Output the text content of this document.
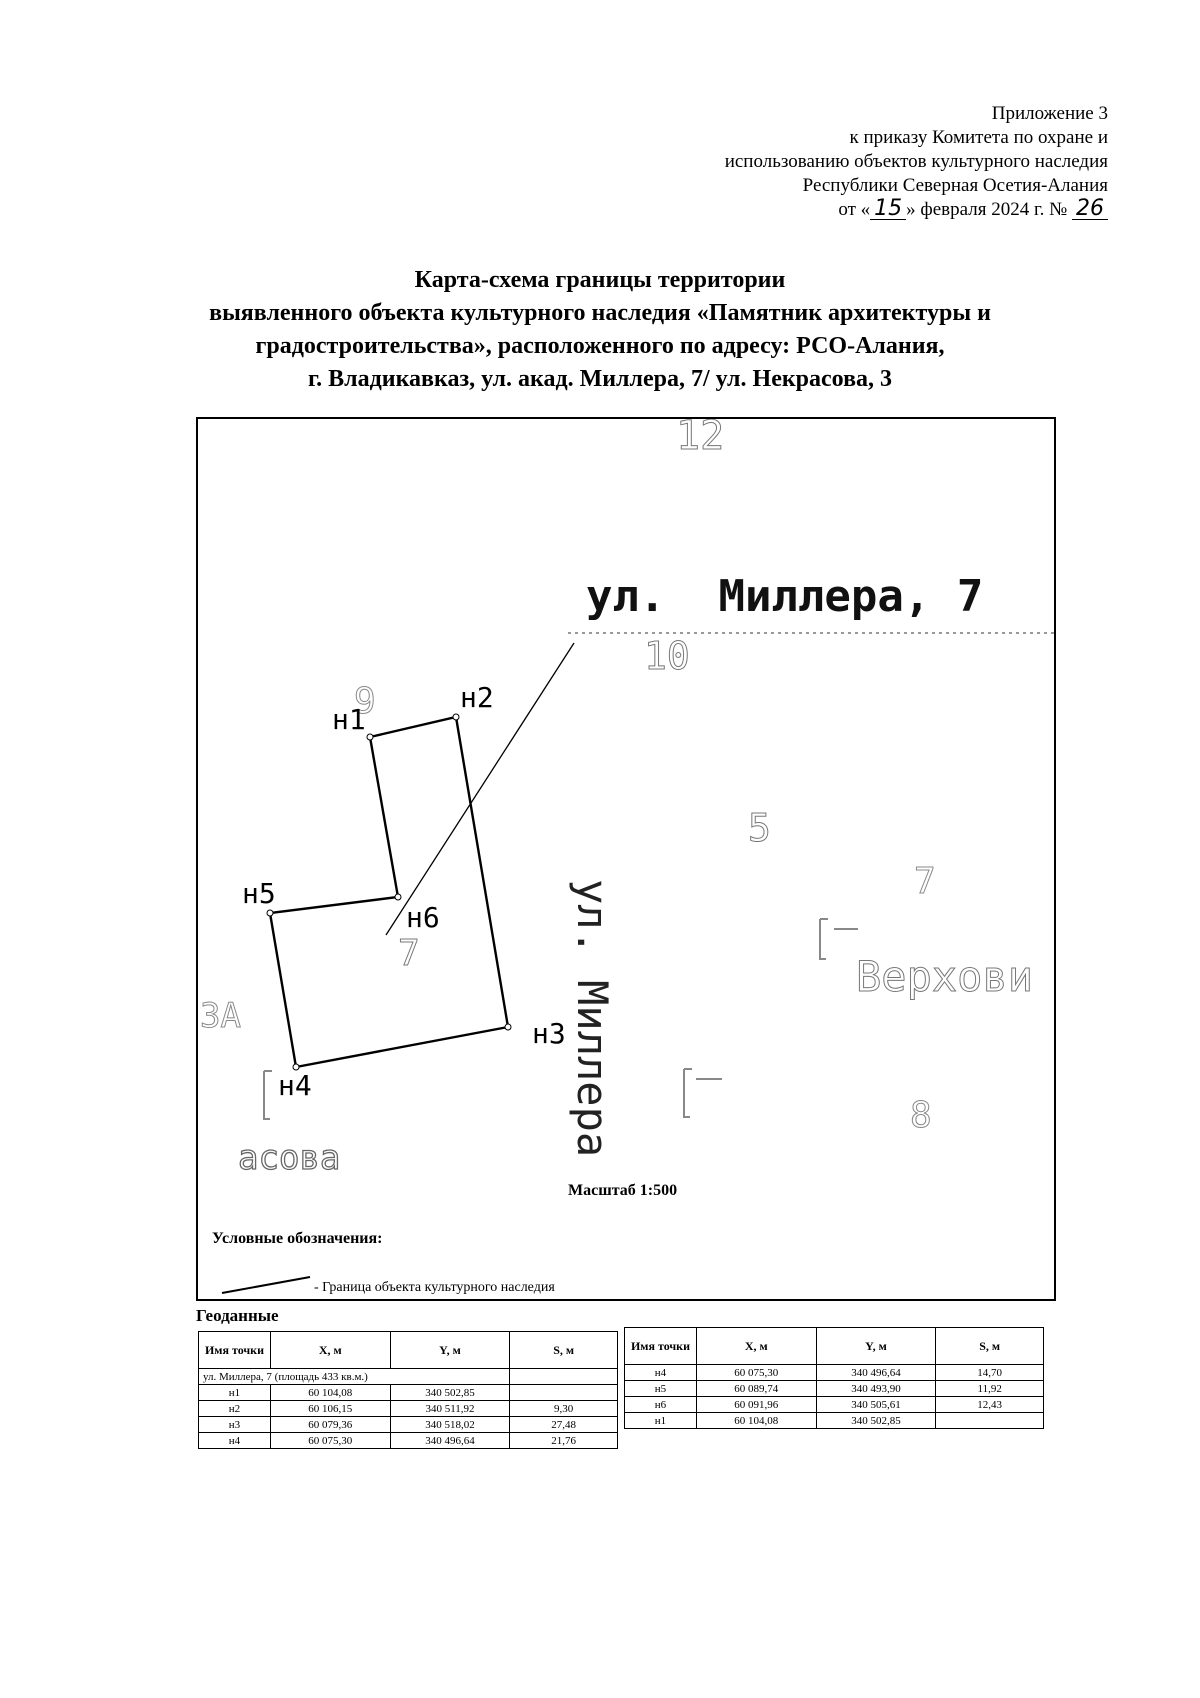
Приложение 3
к приказу Комитета по охране и
использованию объектов культурного наследия
Республики Северная Осетия-Алания
от « 15 » февраля 2024 г. № 26
Карта-схема границы территории
выявленного объекта культурного наследия «Памятник архитектуры и
градостроительства», расположенного по адресу: РСО-Алания,
г. Владикавказ, ул. акад. Миллера, 7/ ул. Некрасова, 3
ул.  Миллера, 7
12
10
9
5
7
7
8
3А
Верхови
асова
ул. Миллера
н1
н2
н3
н4
н5
н6
Масштаб 1:500
Условные обозначения:
- Граница объекта культурного наследия
Геоданные
Имя точки	X, м	Y, м	S, м
ул. Миллера, 7 (площадь 433 кв.м.)			
н1	60 104,08	340 502,85	
н2	60 106,15	340 511,92	9,30
н3	60 079,36	340 518,02	27,48
н4	60 075,30	340 496,64	21,76
Имя точки	X, м	Y, м	S, м
н4	60 075,30	340 496,64	14,70
н5	60 089,74	340 493,90	11,92
н6	60 091,96	340 505,61	12,43
н1	60 104,08	340 502,85	
